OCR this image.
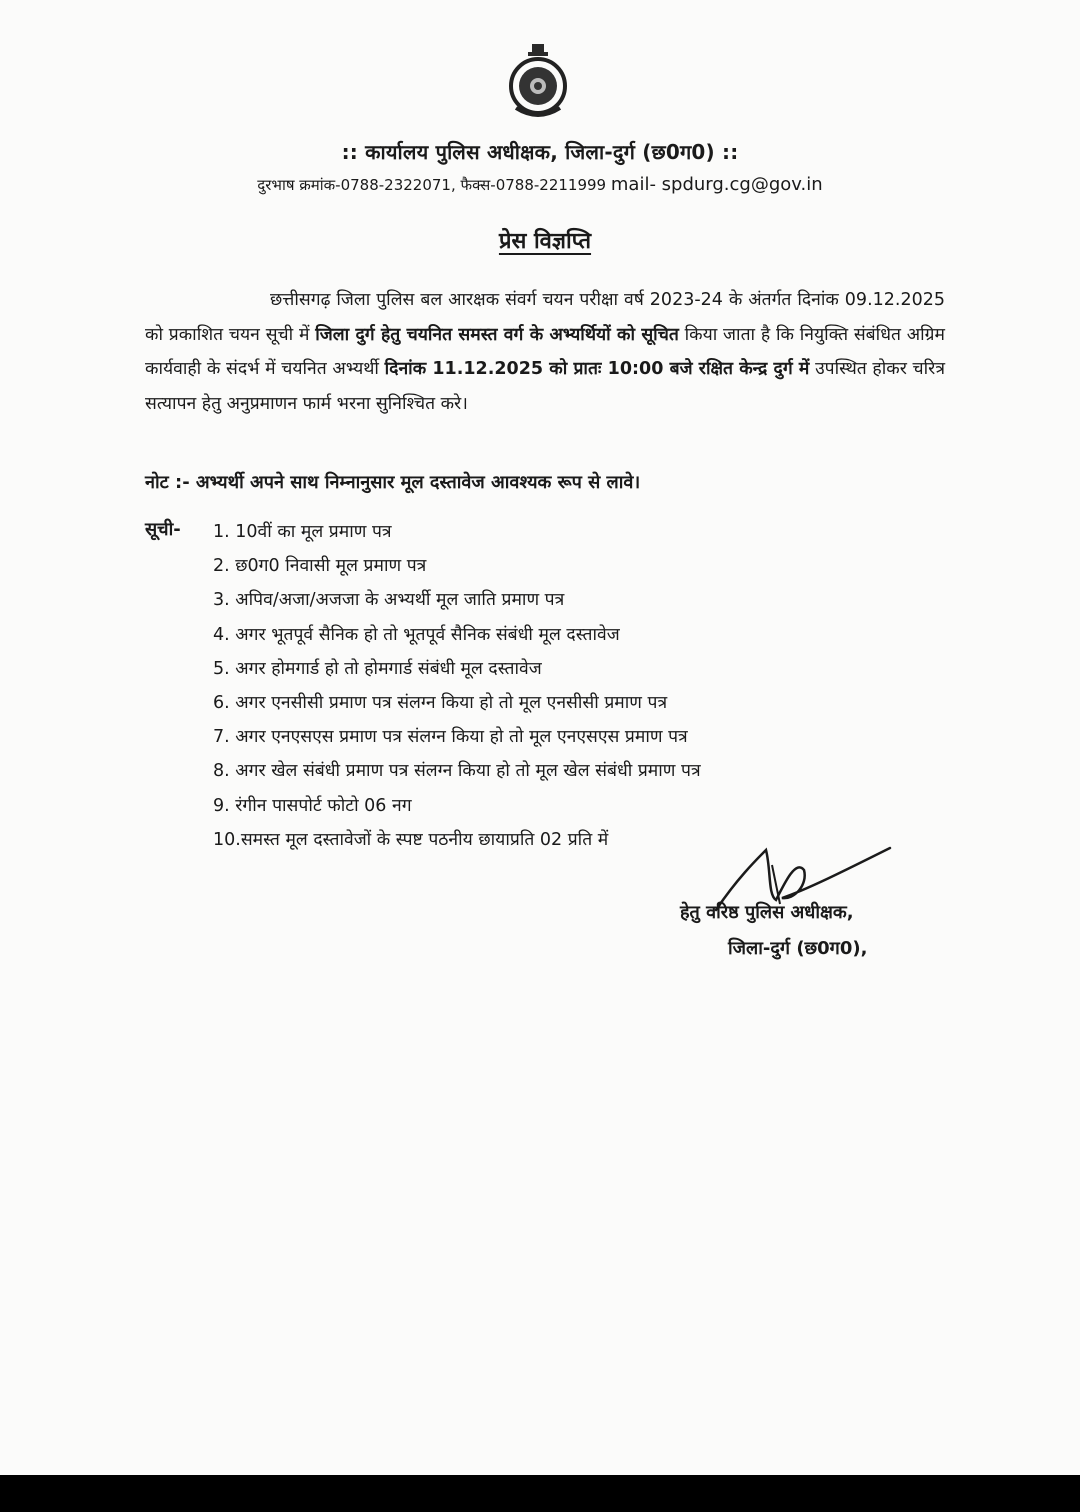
:: कार्यालय पुलिस अधीक्षक, जिला-दुर्ग (छ0ग0) ::
दुरभाष क्रमांक-0788-2322071, फैक्स-0788-2211999 mail- spdurg.cg@gov.in
प्रेस विज्ञप्ति
छत्तीसगढ़ जिला पुलिस बल आरक्षक संवर्ग चयन परीक्षा वर्ष 2023-24 के अंतर्गत दिनांक 09.12.2025 को प्रकाशित चयन सूची में जिला दुर्ग हेतु चयनित समस्त वर्ग के अभ्यर्थियों को सूचित किया जाता है कि नियुक्ति संबंधित अग्रिम कार्यवाही के संदर्भ में चयनित अभ्यर्थी दिनांक 11.12.2025 को प्रातः 10:00 बजे रक्षित केन्द्र दुर्ग में उपस्थित होकर चरित्र सत्यापन हेतु अनुप्रमाणन फार्म भरना सुनिश्चित करे।
नोट :- अभ्यर्थी अपने साथ निम्नानुसार मूल दस्तावेज आवश्यक रूप से लावे।
सूची- 1. 10वीं का मूल प्रमाण पत्र
2. छ0ग0 निवासी मूल प्रमाण पत्र
3. अपिव/अजा/अजजा के अभ्यर्थी मूल जाति प्रमाण पत्र
4. अगर भूतपूर्व सैनिक हो तो भूतपूर्व सैनिक संबंधी मूल दस्तावेज
5. अगर होमगार्ड हो तो होमगार्ड संबंधी मूल दस्तावेज
6. अगर एनसीसी प्रमाण पत्र संलग्न किया हो तो मूल एनसीसी प्रमाण पत्र
7. अगर एनएसएस प्रमाण पत्र संलग्न किया हो तो मूल एनएसएस प्रमाण पत्र
8. अगर खेल संबंधी प्रमाण पत्र संलग्न किया हो तो मूल खेल संबंधी प्रमाण पत्र
9. रंगीन पासपोर्ट फोटो 06 नग
10.समस्त मूल दस्तावेजों के स्पष्ट पठनीय छायाप्रति 02 प्रति में
हेतु वरिष्ठ पुलिस अधीक्षक,
जिला-दुर्ग (छ0ग0),
